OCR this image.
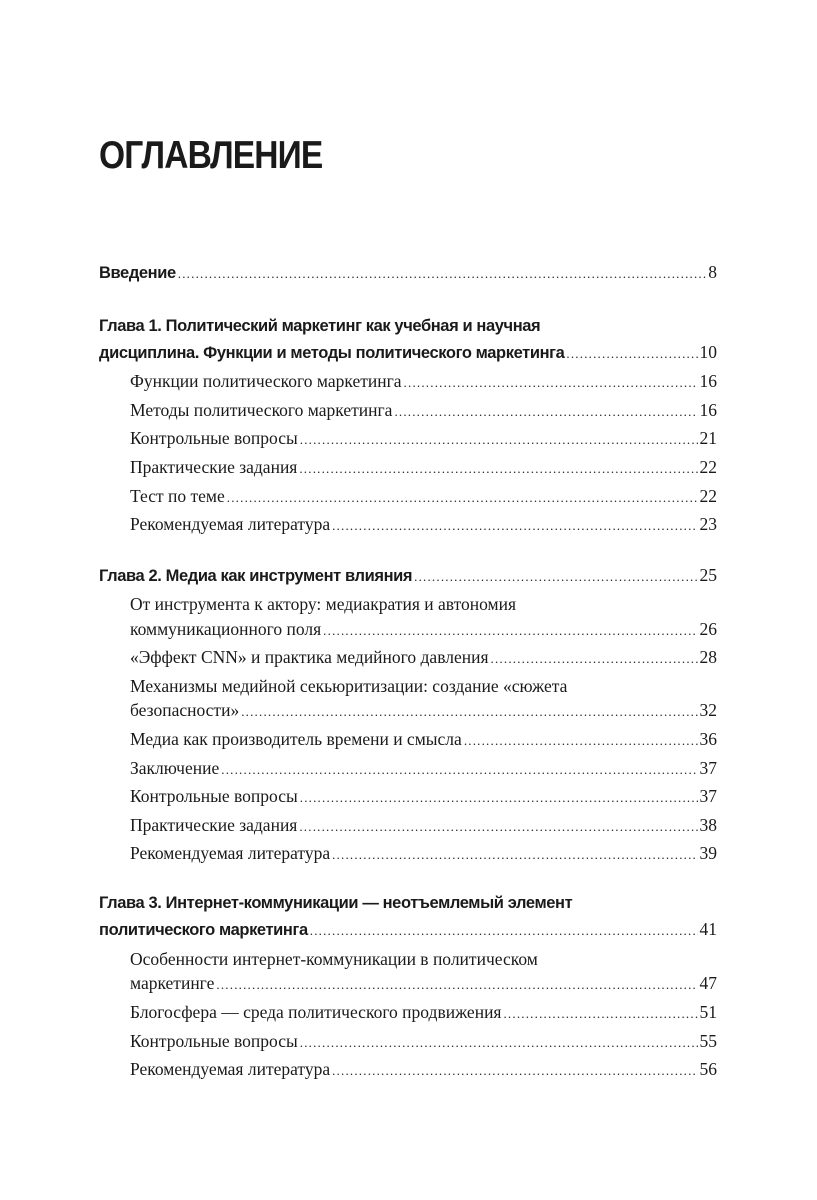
ОГЛАВЛЕНИЕ
Введение .....	8
Глава 1. Политический маркетинг как учебная и научная
дисциплина. Функции и методы политического маркетинга .....	10
Функции политического маркетинга .....	16
Методы политического маркетинга .....	16
Контрольные вопросы .....	21
Практические задания .....	22
Тест по теме .....	22
Рекомендуемая литература .....	23
Глава 2. Медиа как инструмент влияния .....	25
От инструмента к актору: медиакратия и автономия
коммуникационного поля .....	26
«Эффект CNN» и практика медийного давления .....	28
Механизмы медийной секьюритизации: создание «сюжета
безопасности» .....	32
Медиа как производитель времени и смысла .....	36
Заключение .....	37
Контрольные вопросы .....	37
Практические задания .....	38
Рекомендуемая литература .....	39
Глава 3. Интернет-коммуникации — неотъемлемый элемент
политического маркетинга .....	41
Особенности интернет-коммуникации в политическом
маркетинге .....	47
Блогосфера — среда политического продвижения .....	51
Контрольные вопросы .....	55
Рекомендуемая литература .....	56
